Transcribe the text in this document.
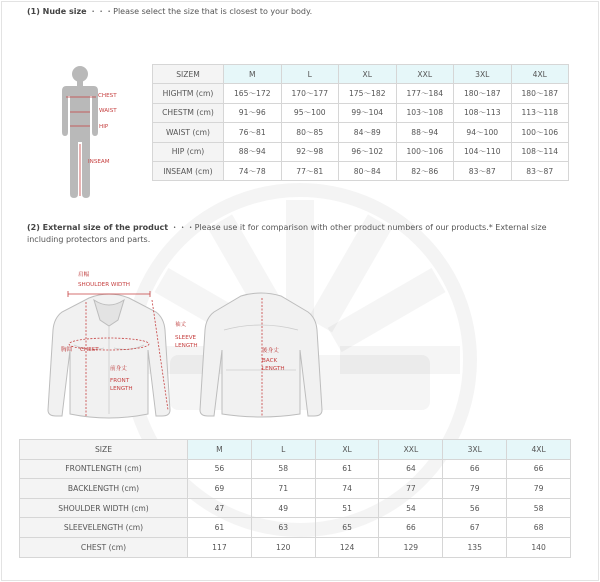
(1) Nude size ・・・Please select the size that is closest to your body.
CHEST
WAIST
HIP
INSEAM
SIZEM	M	L	XL	XXL	3XL	4XL
HIGHTM (cm)	165～172	170～177	175～182	177～184	180～187	180～187
CHESTM (cm)	91～96	95～100	99～104	103～108	108～113	113～118
WAIST (cm)	76～81	80～85	84～89	88～94	94～100	100～106
HIP (cm)	88～94	92～98	96～102	100～106	104～110	108～114
INSEAM (cm)	74～78	77～81	80～84	82～86	83～87	83～87
(2) External size of the product ・・・Please use it for comparison with other product numbers of our products.* External size including protectors and parts.
肩幅
SHOULDER WIDTH
袖丈
SLEEVE
LENGTH
胸囲 CHEST
前身丈
FRONT
LENGTH
後身丈
BACK
LENGTH
SIZE	M	L	XL	XXL	3XL	4XL
FRONTLENGTH (cm)	56	58	61	64	66	66
BACKLENGTH (cm)	69	71	74	77	79	79
SHOULDER WIDTH (cm)	47	49	51	54	56	58
SLEEVELENGTH (cm)	61	63	65	66	67	68
CHEST (cm)	117	120	124	129	135	140
